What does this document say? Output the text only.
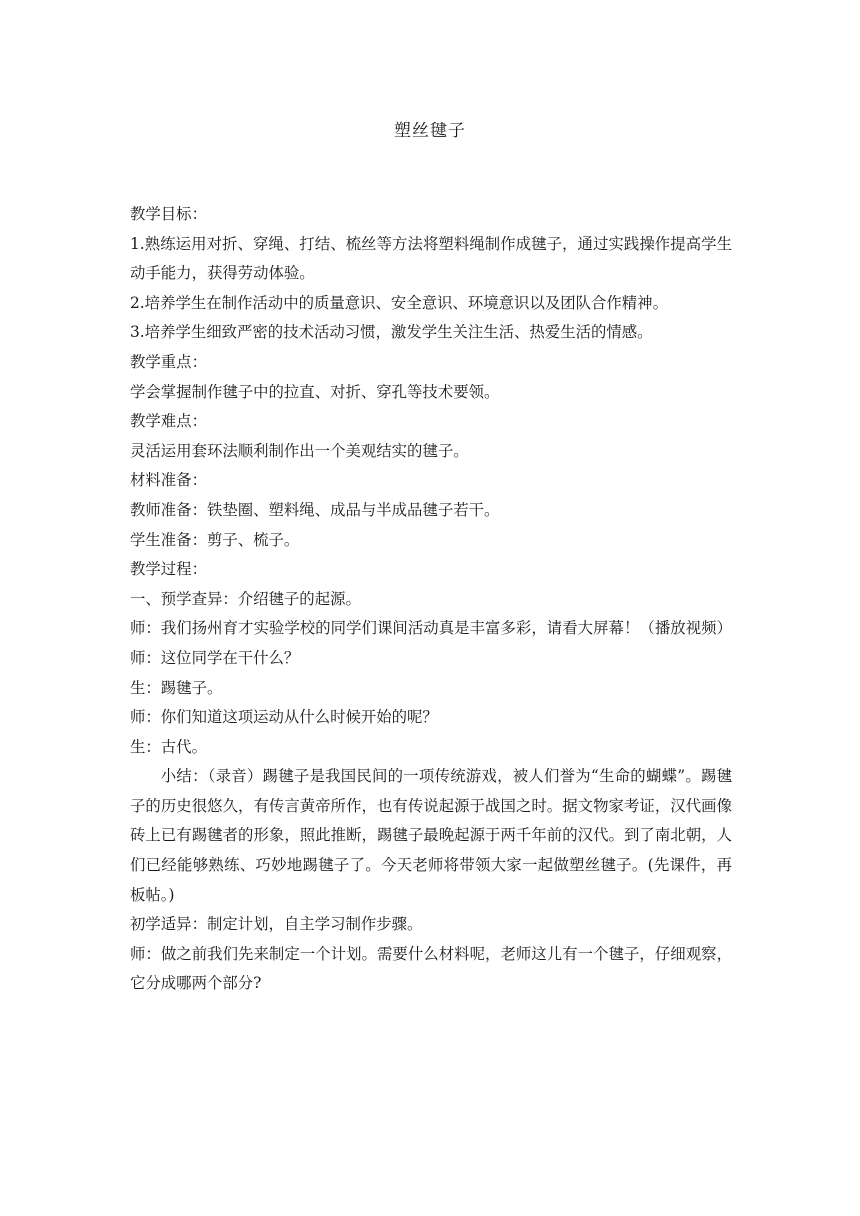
塑丝毽子

教学目标：

1.熟练运用对折、穿绳、打结、梳丝等方法将塑料绳制作成毽子，通过实践操作提高学生动手能力，获得劳动体验。

2.培养学生在制作活动中的质量意识、安全意识、环境意识以及团队合作精神。

3.培养学生细致严密的技术活动习惯，激发学生关注生活、热爱生活的情感。

教学重点：

学会掌握制作毽子中的拉直、对折、穿孔等技术要领。

教学难点：

灵活运用套环法顺利制作出一个美观结实的毽子。

材料准备：

教师准备：铁垫圈、塑料绳、成品与半成品毽子若干。

学生准备：剪子、梳子。

教学过程：

一、预学查异：介绍毽子的起源。

师：我们扬州育才实验学校的同学们课间活动真是丰富多彩，请看大屏幕！（播放视频）师：这位同学在干什么？

生：踢毽子。

师：你们知道这项运动从什么时候开始的呢？

生：古代。

小结：（录音）踢毽子是我国民间的一项传统游戏，被人们誉为“生命的蝴蝶”。踢毽子的历史很悠久，有传言黄帝所作，也有传说起源于战国之时。据文物家考证，汉代画像砖上已有踢毽者的形象，照此推断，踢毽子最晚起源于两千年前的汉代。到了南北朝，人们已经能够熟练、巧妙地踢毽子了。今天老师将带领大家一起做塑丝毽子。(先课件，再板帖。)

初学适异：制定计划，自主学习制作步骤。

师：做之前我们先来制定一个计划。需要什么材料呢，老师这儿有一个毽子，仔细观察，它分成哪两个部分?
